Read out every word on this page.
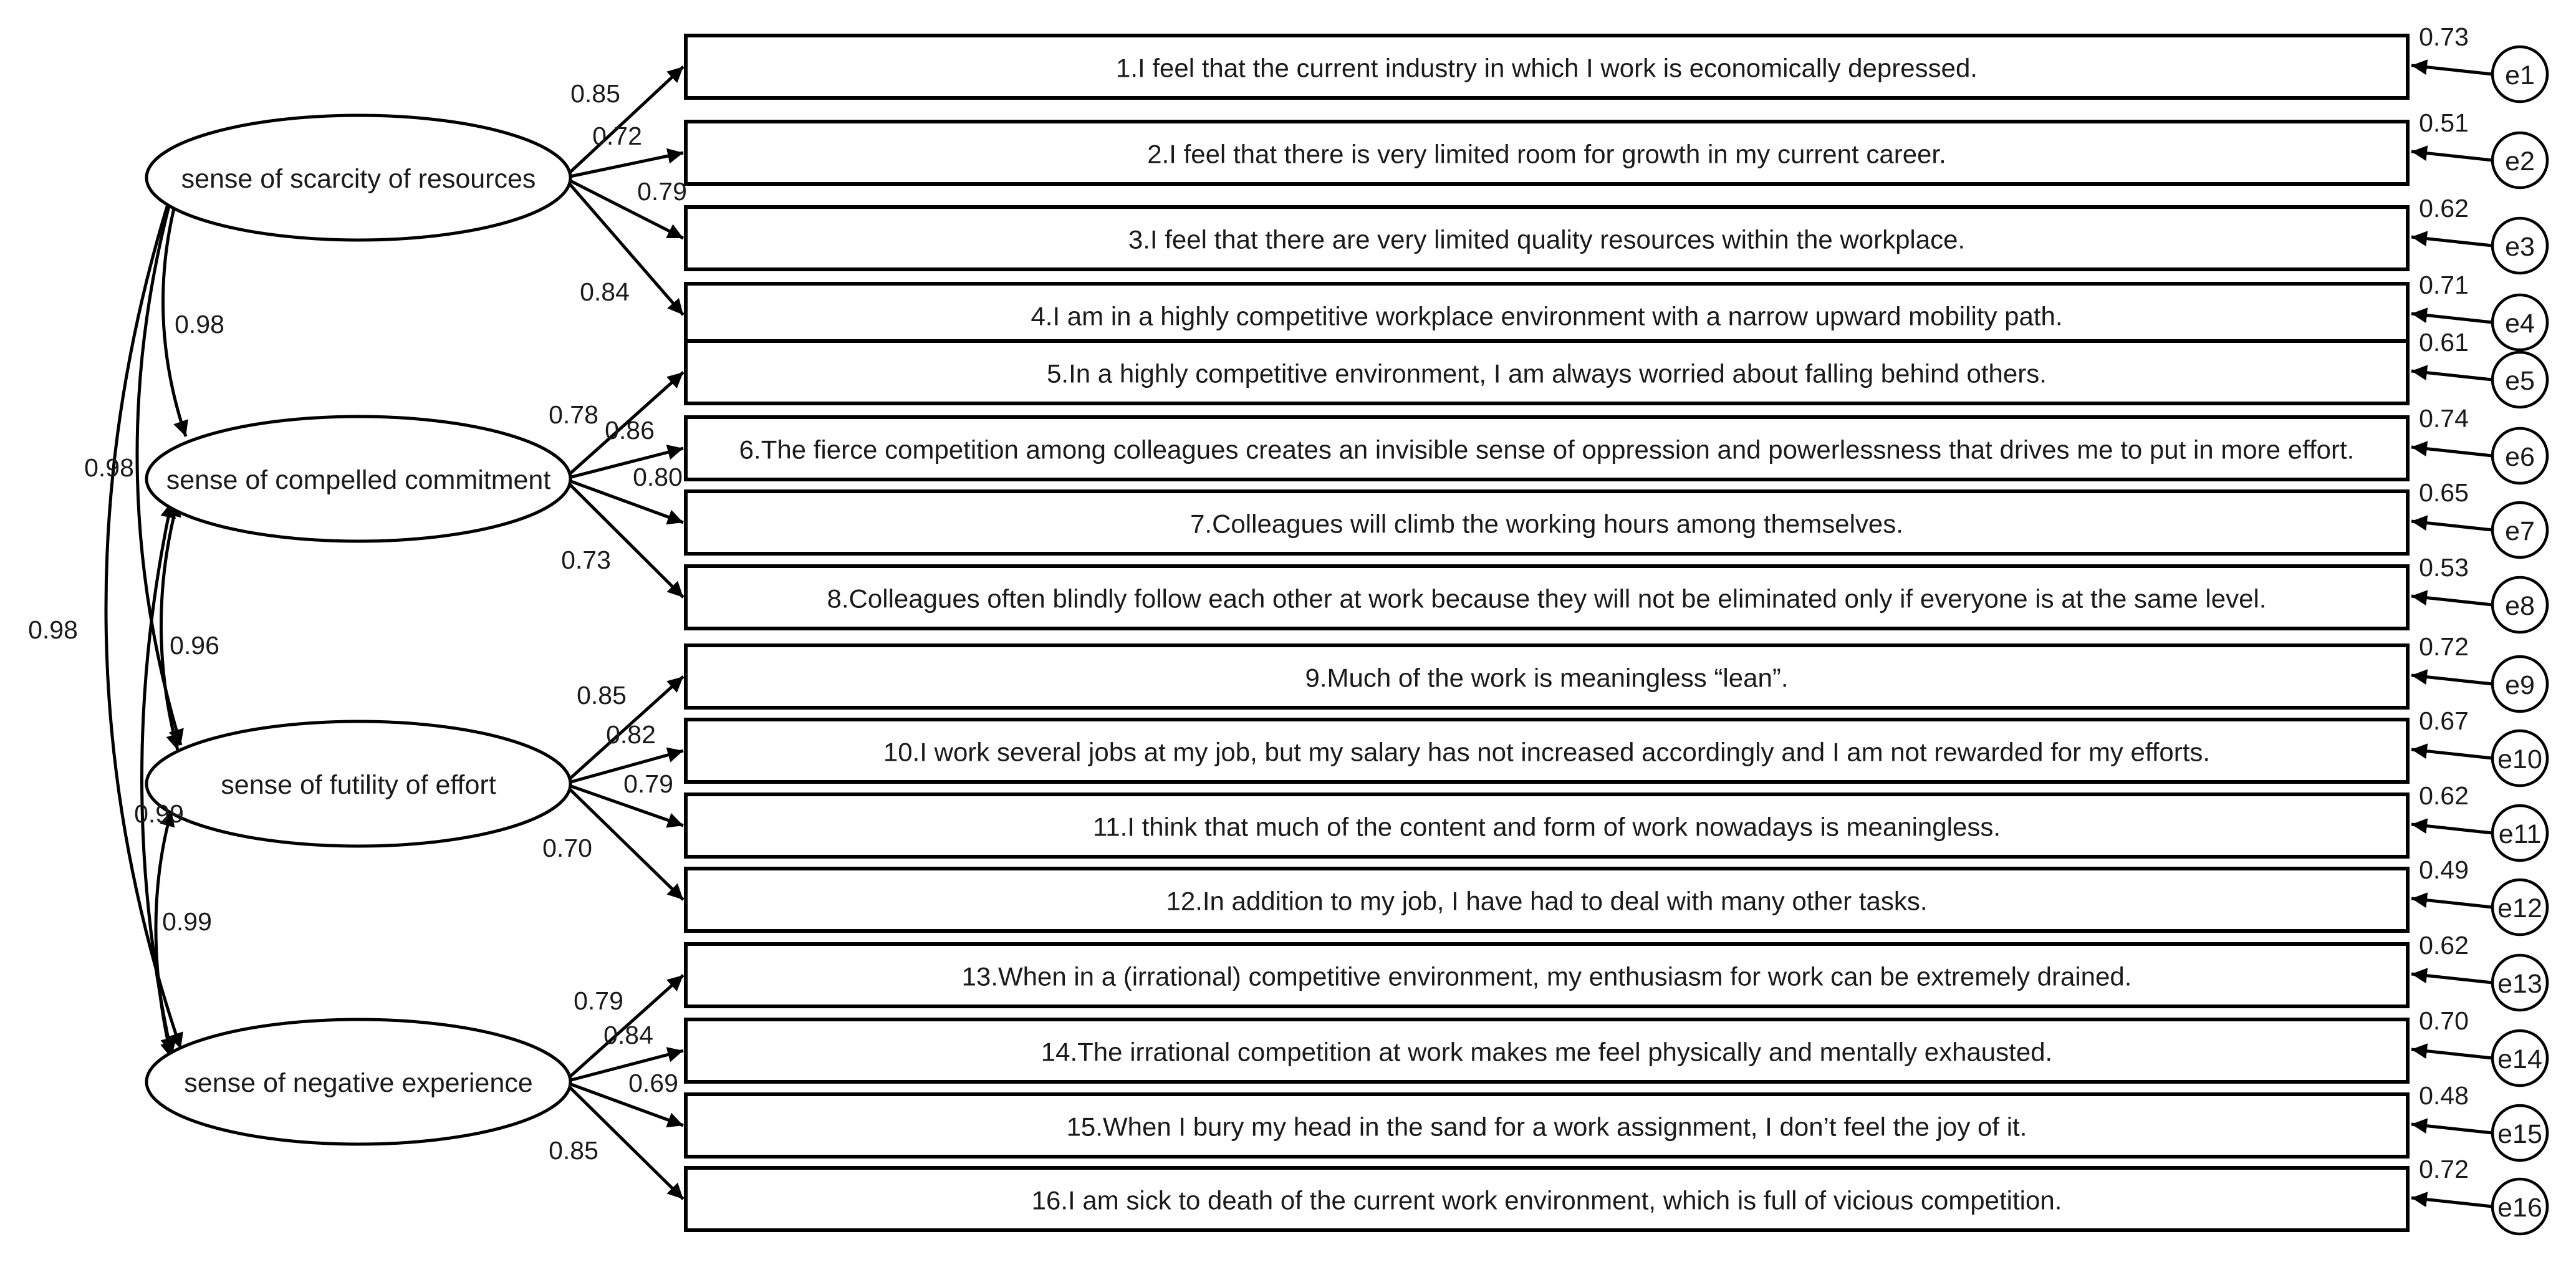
e1
e2
e3
e4
e5
e6
e7
e8
e9
e10
e11
e12
e13
e14
e15
e16
1.I feel that the current industry in which I work is economically depressed.
2.I feel that there is very limited room for growth in my current career.
3.I feel that there are very limited quality resources within the workplace.
4.I am in a highly competitive workplace environment with a narrow upward mobility path.
5.In a highly competitive environment, I am always worried about falling behind others.
6.The fierce competition among colleagues creates an invisible sense of oppression and powerlessness that drives me to put in more effort.
7.Colleagues will climb the working hours among themselves.
8.Colleagues often blindly follow each other at work because they will not be eliminated only if everyone is at the same level.
9.Much of the work is meaningless “lean”.
10.I work several jobs at my job, but my salary has not increased accordingly and I am not rewarded for my efforts.
11.I think that much of the content and form of work nowadays is meaningless.
12.In addition to my job, I have had to deal with many other tasks.
13.When in a (irrational) competitive environment, my enthusiasm for work can be extremely drained.
14.The irrational competition at work makes me feel physically and mentally exhausted.
15.When I bury my head in the sand for a work assignment, I don’t feel the joy of it.
16.I am sick to death of the current work environment, which is full of vicious competition.
sense of scarcity of resources
sense of compelled commitment
sense of futility of effort
sense of negative experience
0.98
0.98
0.98
0.96
0.99
0.99
0.73
0.85
0.51
0.72
0.62
0.79
0.71
0.84
0.61
0.78	0.74
0.86
0.65
0.80
0.53
0.73
0.72
0.85
0.67
0.82
0.62
0.79
0.49
0.70
0.62
0.79
0.70
0.84
0.48
0.69
0.72
0.85
